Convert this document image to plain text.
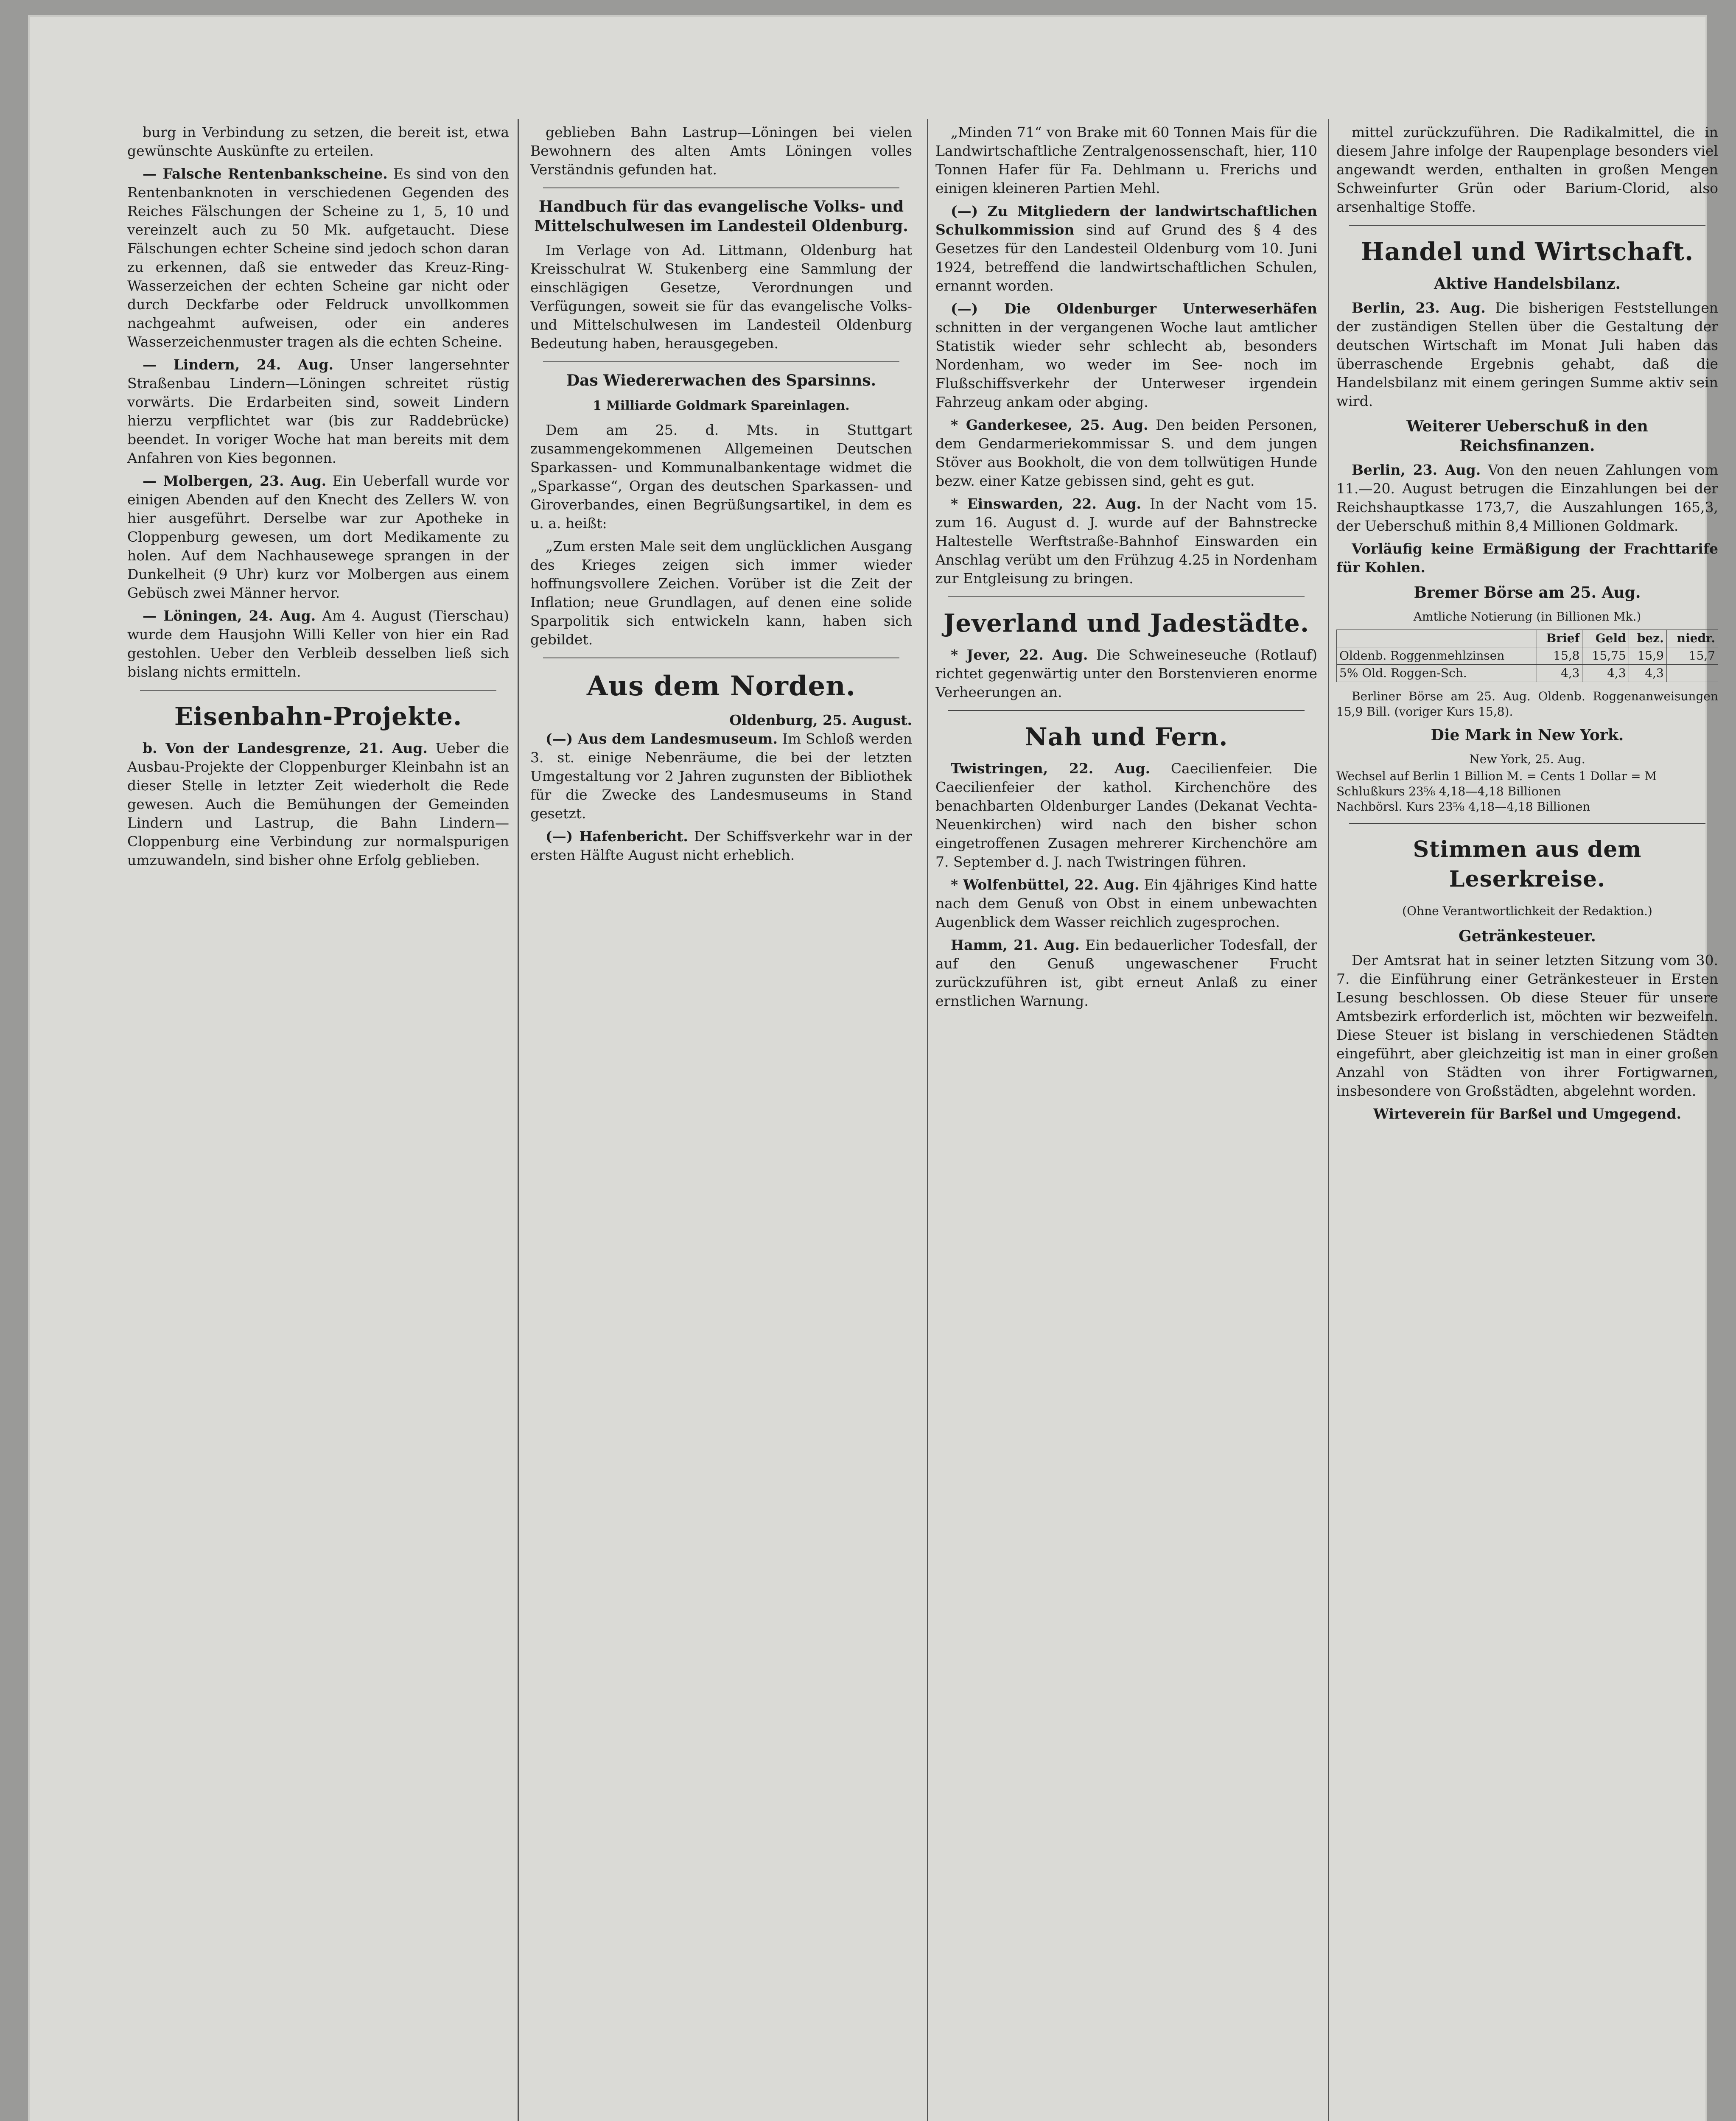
burg in Verbindung zu setzen, die bereit ist, etwa gewünschte Auskünfte zu erteilen.

— Falsche Rentenbankscheine. Es sind von den Rentenbanknoten in verschiedenen Gegenden des Reiches Fälschungen der Scheine zu 1, 5, 10 und vereinzelt auch zu 50 Mk. aufgetaucht. Diese Fälschungen echter Scheine sind jedoch schon daran zu erkennen, daß sie entweder das Kreuz-Ring-Wasserzeichen der echten Scheine gar nicht oder durch Deckfarbe oder Feldruck unvollkommen nachgeahmt aufweisen, oder ein anderes Wasserzeichenmuster tragen als die echten Scheine.

— Lindern, 24. Aug. Unser langersehnter Straßenbau Lindern—Löningen schreitet rüstig vorwärts. Die Erdarbeiten sind, soweit Lindern hierzu verpflichtet war (bis zur Raddebrücke) beendet. In voriger Woche hat man bereits mit dem Anfahren von Kies begonnen.

— Molbergen, 23. Aug. Ein Ueberfall wurde vor einigen Abenden auf den Knecht des Zellers W. von hier ausgeführt. Derselbe war zur Apotheke in Cloppenburg gewesen, um dort Medikamente zu holen. Auf dem Nachhausewege sprangen in der Dunkelheit (9 Uhr) kurz vor Molbergen aus einem Gebüsch zwei Männer hervor.

— Löningen, 24. Aug. Am 4. August (Tierschau) wurde dem Hausjohn Willi Keller von hier ein Rad gestohlen. Ueber den Verbleib desselben ließ sich bislang nichts ermitteln.

Eisenbahn-Projekte.

b. Von der Landesgrenze, 21. Aug. Ueber die Ausbau-Projekte der Cloppenburger Kleinbahn ist an dieser Stelle in letzter Zeit wiederholt die Rede gewesen. Auch die Bemühungen der Gemeinden Lindern und Lastrup, die Bahn Lindern—Cloppenburg eine Verbindung zur normalspurigen umzuwandeln, sind bisher ohne Erfolg geblieben.

geblieben Bahn Lastrup—Löningen bei vielen Bewohnern des alten Amts Löningen volles Verständnis gefunden hat.

Handbuch für das evangelische Volks- und Mittelschulwesen im Landesteil Oldenburg.

Im Verlage von Ad. Littmann, Oldenburg hat Kreisschulrat W. Stukenberg eine Sammlung der einschlägigen Gesetze, Verordnungen und Verfügungen, soweit sie für das evangelische Volks- und Mittelschulwesen im Landesteil Oldenburg Bedeutung haben, herausgegeben.

Das Wiedererwachen des Sparsinns.
1 Milliarde Goldmark Spareinlagen.

Dem am 25. d. Mts. in Stuttgart zusammengekommenen Allgemeinen Deutschen Sparkassen- und Kommunalbankentage widmet die „Sparkasse“, Organ des deutschen Sparkassen- und Giroverbandes, einen Begrüßungsartikel, in dem es u. a. heißt:

„Zum ersten Male seit dem unglücklichen Ausgang des Krieges zeigen sich immer wieder hoffnungsvollere Zeichen. Vorüber ist die Zeit der Inflation; neue Grundlagen, auf denen eine solide Sparpolitik sich entwickeln kann, haben sich gebildet.

Aus dem Norden.
Oldenburg, 25. August.

(—) Aus dem Landesmuseum. Im Schloß werden 3. st. einige Nebenräume, die bei der letzten Umgestaltung vor 2 Jahren zugunsten der Bibliothek für die Zwecke des Landesmuseums in Stand gesetzt.

(—) Hafenbericht. Der Schiffsverkehr war in der ersten Hälfte August nicht erheblich.

„Minden 71“ von Brake mit 60 Tonnen Mais für die Landwirtschaftliche Zentralgenossenschaft, hier, 110 Tonnen Hafer für Fa. Dehlmann u. Frerichs und einigen kleineren Partien Mehl.

(—) Zu Mitgliedern der landwirtschaftlichen Schulkommission sind auf Grund des § 4 des Gesetzes für den Landesteil Oldenburg vom 10. Juni 1924, betreffend die landwirtschaftlichen Schulen, ernannt worden.

(—) Die Oldenburger Unterweserhäfen schnitten in der vergangenen Woche laut amtlicher Statistik wieder sehr schlecht ab, besonders Nordenham, wo weder im See- noch im Flußschiffsverkehr der Unterweser irgendein Fahrzeug ankam oder abging.

* Ganderkesee, 25. Aug. Den beiden Personen, dem Gendarmeriekommissar S. und dem jungen Stöver aus Bookholt, die von dem tollwütigen Hunde bezw. einer Katze gebissen sind, geht es gut.

* Einswarden, 22. Aug. In der Nacht vom 15. zum 16. August d. J. wurde auf der Bahnstrecke Haltestelle Werftstraße-Bahnhof Einswarden ein Anschlag verübt um den Frühzug 4.25 in Nordenham zur Entgleisung zu bringen.

Jeverland und Jadestädte.

* Jever, 22. Aug. Die Schweineseuche (Rotlauf) richtet gegenwärtig unter den Borstenvieren enorme Verheerungen an.

Nah und Fern.

Twistringen, 22. Aug. Caecilienfeier. Die Caecilienfeier der kathol. Kirchenchöre des benachbarten Oldenburger Landes (Dekanat Vechta-Neuenkirchen) wird nach den bisher schon eingetroffenen Zusagen mehrerer Kirchenchöre am 7. September d. J. nach Twistringen führen.

* Wolfenbüttel, 22. Aug. Ein 4jähriges Kind hatte nach dem Genuß von Obst in einem unbewachten Augenblick dem Wasser reichlich zugesprochen.

Hamm, 21. Aug. Ein bedauerlicher Todesfall, der auf den Genuß ungewaschener Frucht zurückzuführen ist, gibt erneut Anlaß zu einer ernstlichen Warnung.

mittel zurückzuführen. Die Radikalmittel, die in diesem Jahre infolge der Raupenplage besonders viel angewandt werden, enthalten in großen Mengen Schweinfurter Grün oder Barium-Clorid, also arsenhaltige Stoffe.

Handel und Wirtschaft.
Aktive Handelsbilanz.

Berlin, 23. Aug. Die bisherigen Feststellungen der zuständigen Stellen über die Gestaltung der deutschen Wirtschaft im Monat Juli haben das überraschende Ergebnis gehabt, daß die Handelsbilanz mit einem geringen Summe aktiv sein wird.

Weiterer Ueberschuß in den Reichsfinanzen.

Berlin, 23. Aug. Von den neuen Zahlungen vom 11.—20. August betrugen die Einzahlungen bei der Reichshauptkasse 173,7, die Auszahlungen 165,3, der Ueberschuß mithin 8,4 Millionen Goldmark.

Vorläufig keine Ermäßigung der Frachttarife für Kohlen.

Bremer Börse am 25. Aug.
Amtliche Notierung (in Billionen Mk.)
	Brief	Geld	bez.	niedr.
Oldenb. Roggenmehlzinsen	15,8	15,75	15,9	15,7
5% Old. Roggen-Sch.	4,3	4,3	4,3	

Berliner Börse am 25. Aug. Oldenb. Roggenanweisungen 15,9 Bill. (voriger Kurs 15,8).

Die Mark in New York.
New York, 25. Aug.
Wechsel auf Berlin 1 Billion M. = Cents 1 Dollar = M
Schlußkurs 23⅝ 4,18—4,18 Billionen
Nachbörsl. Kurs 23⅝ 4,18—4,18 Billionen
Stimmen aus dem Leserkreise.
(Ohne Verantwortlichkeit der Redaktion.)
Getränkesteuer.

Der Amtsrat hat in seiner letzten Sitzung vom 30. 7. die Einführung einer Getränkesteuer in Ersten Lesung beschlossen. Ob diese Steuer für unsere Amtsbezirk erforderlich ist, möchten wir bezweifeln. Diese Steuer ist bislang in verschiedenen Städten eingeführt, aber gleichzeitig ist man in einer großen Anzahl von Städten von ihrer Fortigwarnen, insbesondere von Großstädten, abgelehnt worden.

Wirteverein für Barßel und Umgegend.
